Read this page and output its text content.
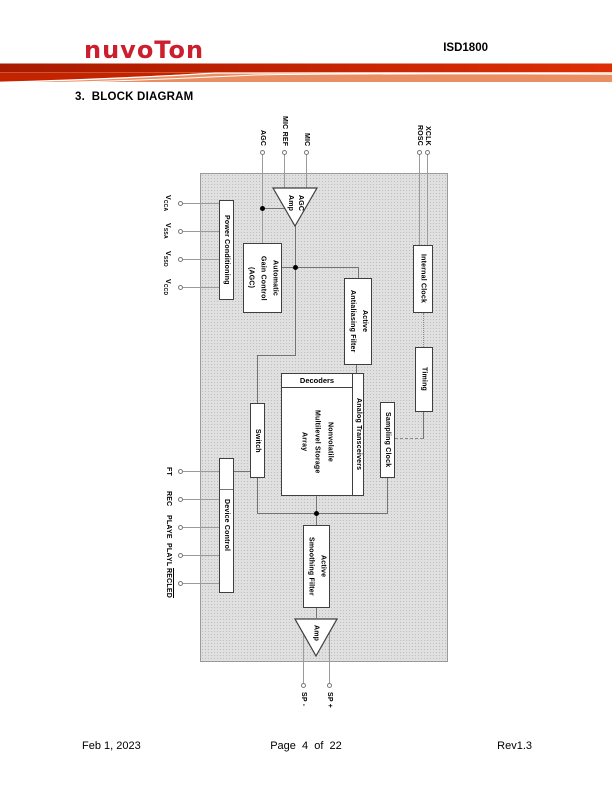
nuvoTon	ISD1800
3.  BLOCK DIAGRAM
Power Conditioning	Automatic
Gain Control
(AGC)
Active
Antialiasing Filter
Internal Clock
Timing
Sampling Clock
Switch
Device Control
Decoders
Analog Transceivers
Nonvolatile
Multilevel Storage
Array
Active
Smoothing Filter
AGC
Amp
Amp
AGC MIC REF MIC	ROSC XCLK
$V_{CCA}$
$V_{SSA}$
$V_{SSD}$
$V_{CCD}$
FT
REC
PLAYE
PLAYL
RECLED
SP -	SP +
Feb 1, 2023	Page  4  of  22	Rev1.3
